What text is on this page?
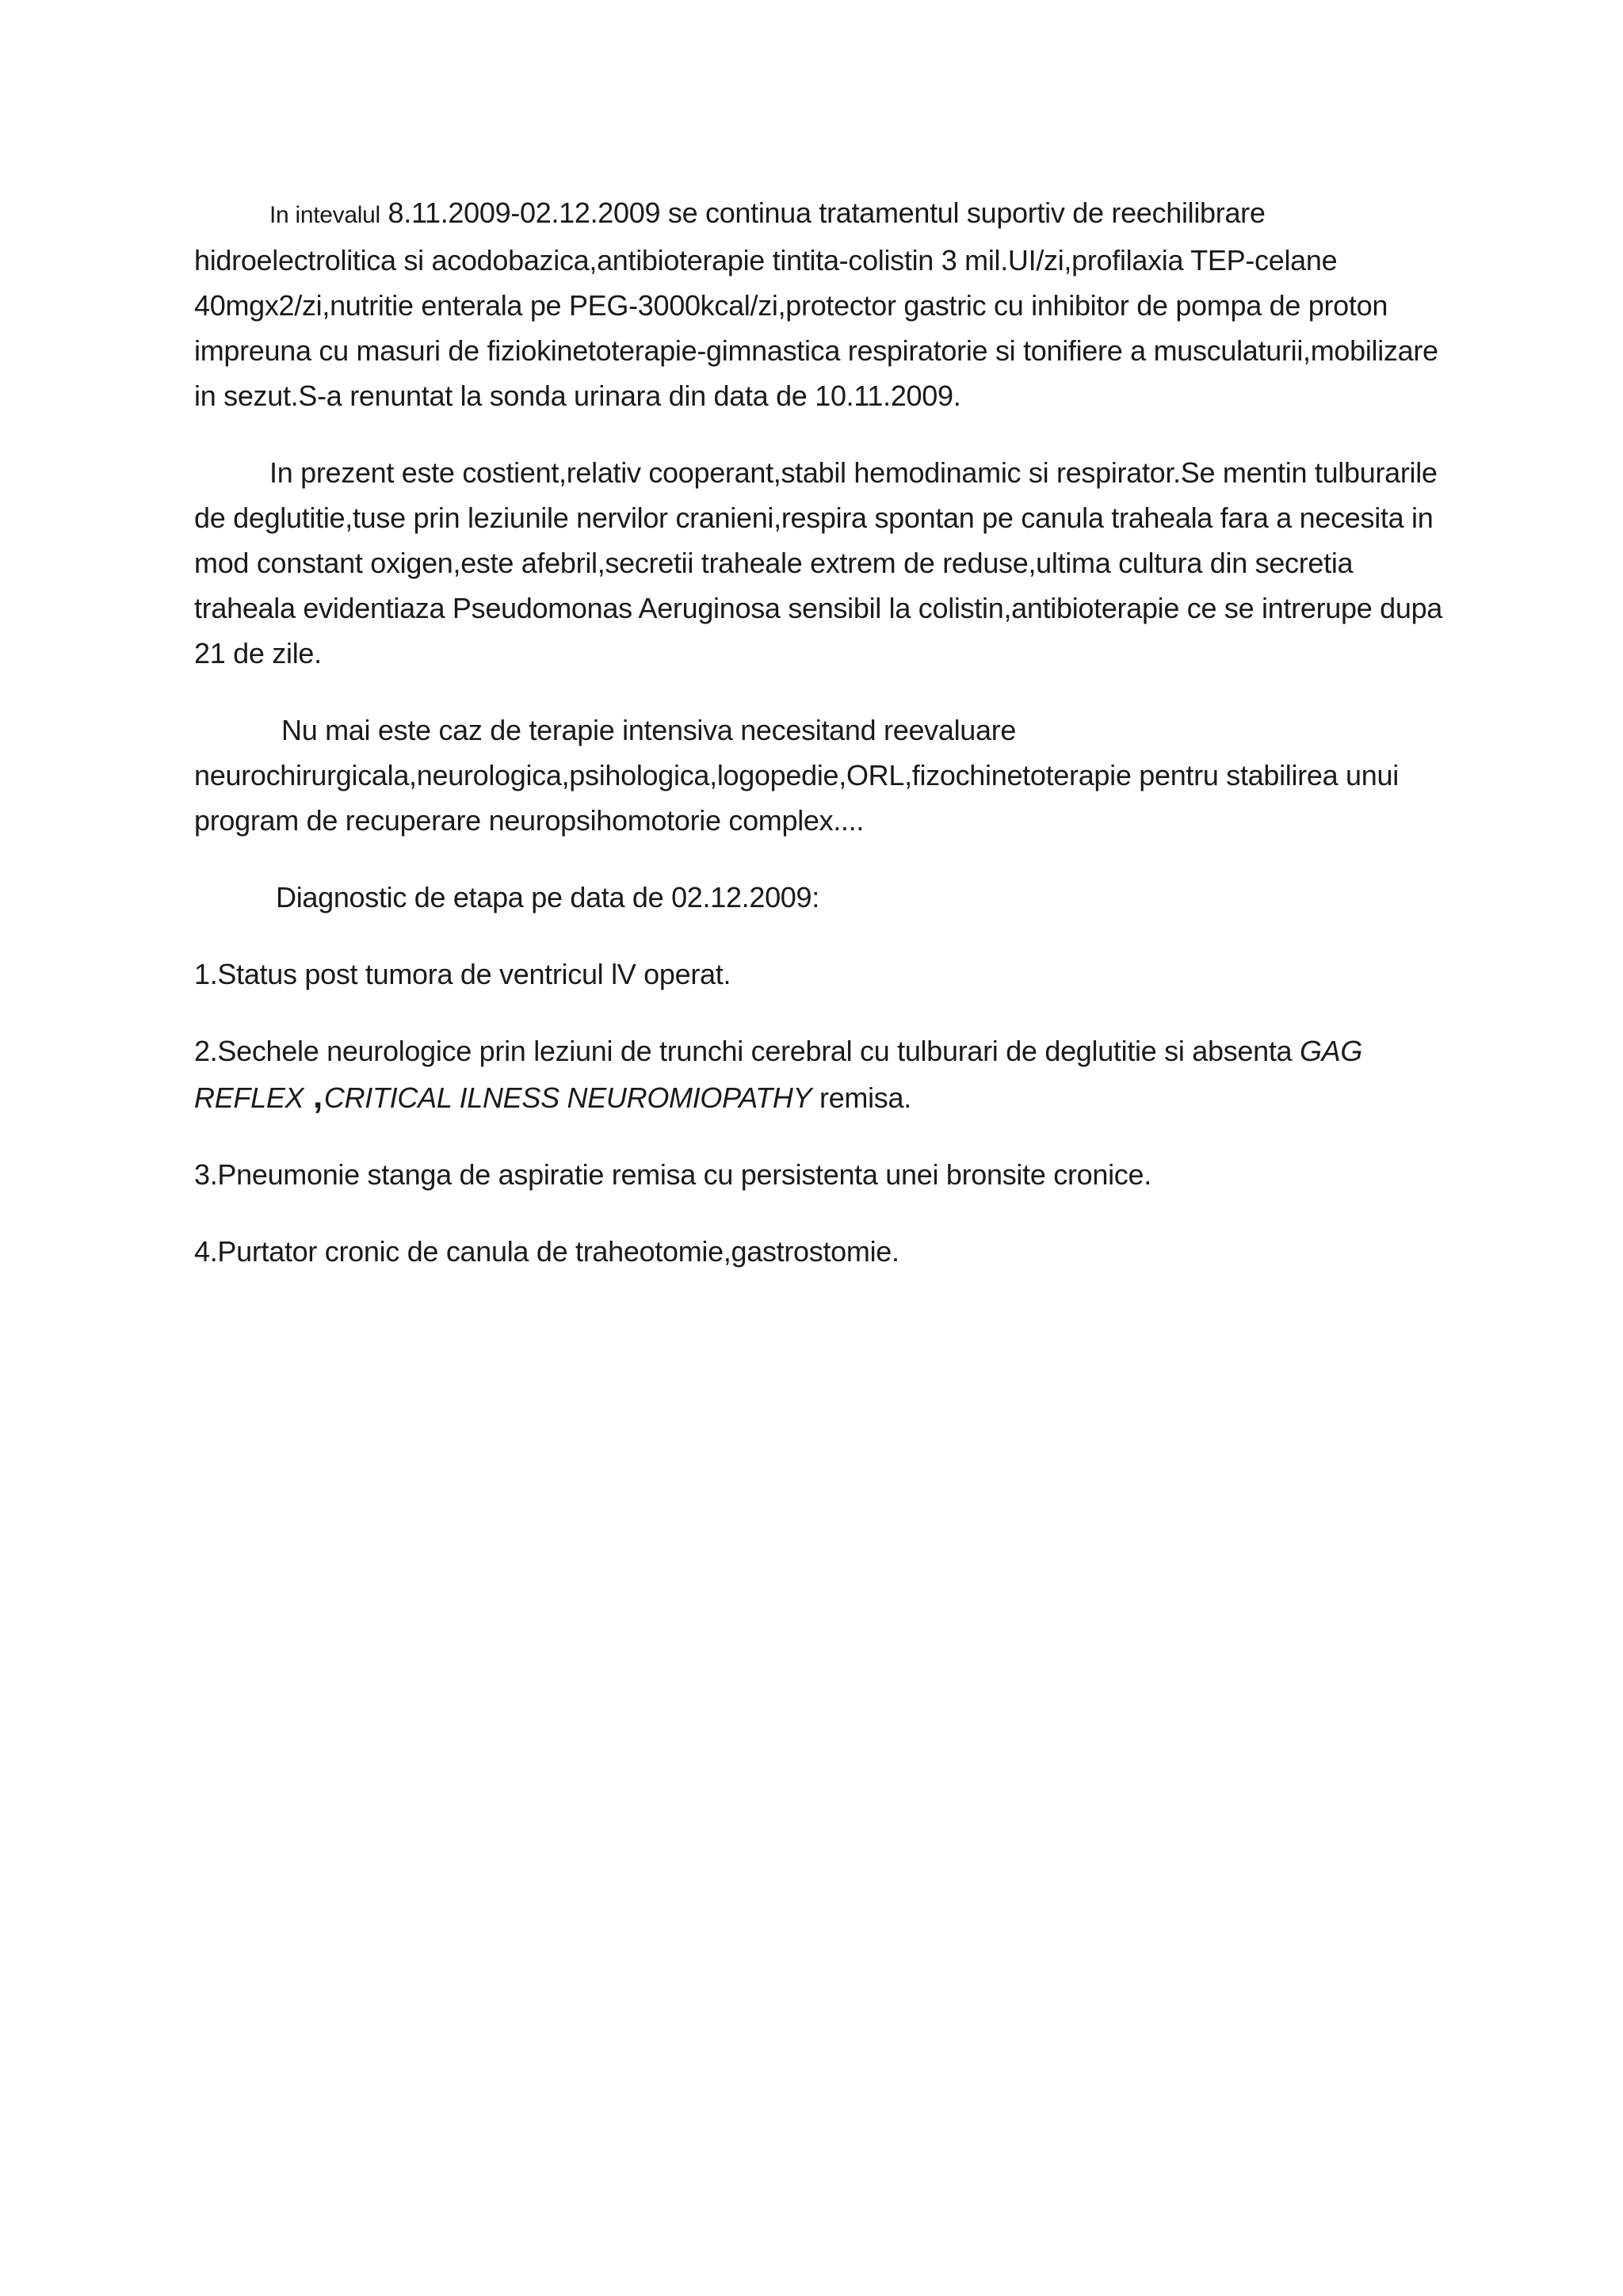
In intevalul 8.11.2009-02.12.2009 se continua tratamentul suportiv de reechilibrare hidroelectrolitica si acodobazica,antibioterapie tintita-colistin 3 mil.UI/zi,profilaxia TEP-celane 40mgx2/zi,nutritie enterala pe PEG-3000kcal/zi,protector gastric cu inhibitor de pompa de proton impreuna cu masuri de fiziokinetoterapie-gimnastica respiratorie si tonifiere a musculaturii,mobilizare in sezut.S-a renuntat la sonda urinara din data de 10.11.2009.

In prezent este costient,relativ cooperant,stabil hemodinamic si respirator.Se mentin tulburarile de deglutitie,tuse prin leziunile nervilor cranieni,respira spontan pe canula traheala fara a necesita in mod constant oxigen,este afebril,secretii traheale extrem de reduse,ultima cultura din secretia traheala evidentiaza Pseudomonas Aeruginosa sensibil la colistin,antibioterapie ce se intrerupe dupa 21 de zile.

Nu mai este caz de terapie intensiva necesitand reevaluare neurochirurgicala,neurologica,psihologica,logopedie,ORL,fizochinetoterapie pentru stabilirea unui program de recuperare neuropsihomotorie complex....

Diagnostic de etapa pe data de 02.12.2009:

1.Status post tumora de ventricul lV operat.

2.Sechele neurologice prin leziuni de trunchi cerebral cu tulburari de deglutitie si absenta GAG REFLEX ,CRITICAL ILNESS NEUROMIOPATHY remisa.

3.Pneumonie stanga de aspiratie remisa cu persistenta unei bronsite cronice.

4.Purtator cronic de canula de traheotomie,gastrostomie.
